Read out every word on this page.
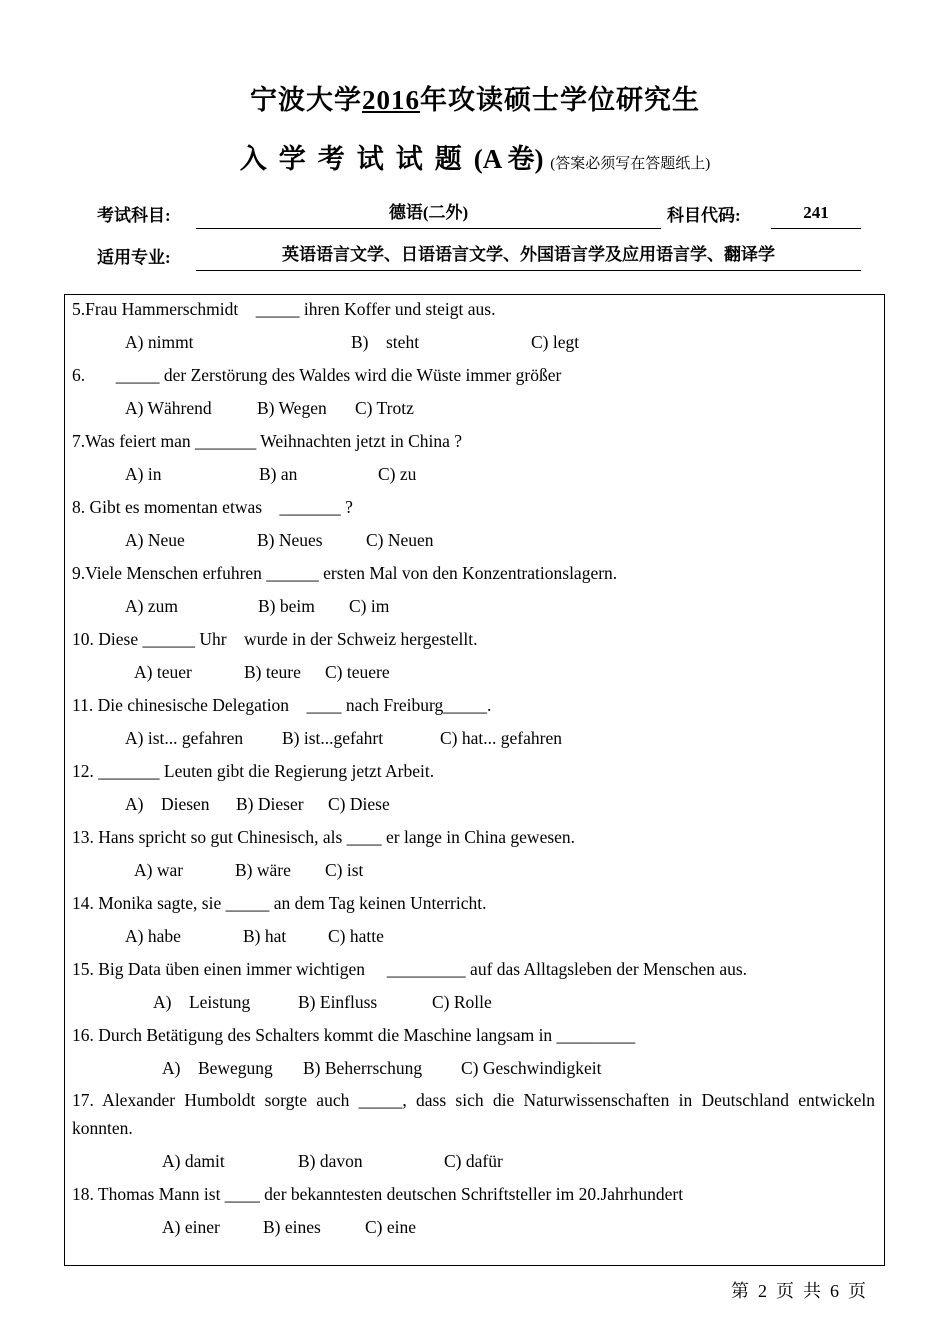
宁波大学2016年攻读硕士学位研究生
入学考试试题(A 卷) (答案必须写在答题纸上)
考试科目:	德语(二外)	科目代码:	241
适用专业:	英语语言文学、日语语言文学、外国语言学及应用语言学、翻译学
5.Frau Hammerschmidt    _____ ihren Koffer und steigt aus.
A) nimmt	B)    steht	C) legt
6.       _____ der Zerstörung des Waldes wird die Wüste immer größer
A) Während	B) Wegen C) Trotz
7.Was feiert man _______ Weihnachten jetzt in China ?
A) in	B) an	C) zu
8. Gibt es momentan etwas    _______ ?
A) Neue	B) Neues C) Neuen
9.Viele Menschen erfuhren ______ ersten Mal von den Konzentrationslagern.
A) zum	B) beim C) im
10. Diese ______ Uhr    wurde in der Schweiz hergestellt.
A) teuer	B) teure C) teuere
11. Die chinesische Delegation    ____ nach Freiburg_____.
A) ist... gefahren B) ist...gefahrt	C) hat... gefahren
12. _______ Leuten gibt die Regierung jetzt Arbeit.
A)    Diesen B) Dieser C) Diese
13. Hans spricht so gut Chinesisch, als ____ er lange in China gewesen.
A) war	B) wäre C) ist
14. Monika sagte, sie _____ an dem Tag keinen Unterricht.
A) habe	B) hat C) hatte
15. Big Data üben einen immer wichtigen     _________ auf das Alltagsleben der Menschen aus.
A)    Leistung	B) Einfluss	C) Rolle
16. Durch Betätigung des Schalters kommt die Maschine langsam in _________
A)    Bewegung B) Beherrschung C) Geschwindigkeit
17. Alexander Humboldt sorgte auch _____, dass sich die Naturwissenschaften in Deutschland entwickeln konnten.
A) damit	B) davon	C) dafür
18. Thomas Mann ist ____ der bekanntesten deutschen Schriftsteller im 20.Jahrhundert
A) einer B) eines	C) eine
第  2  页  共  6  页
